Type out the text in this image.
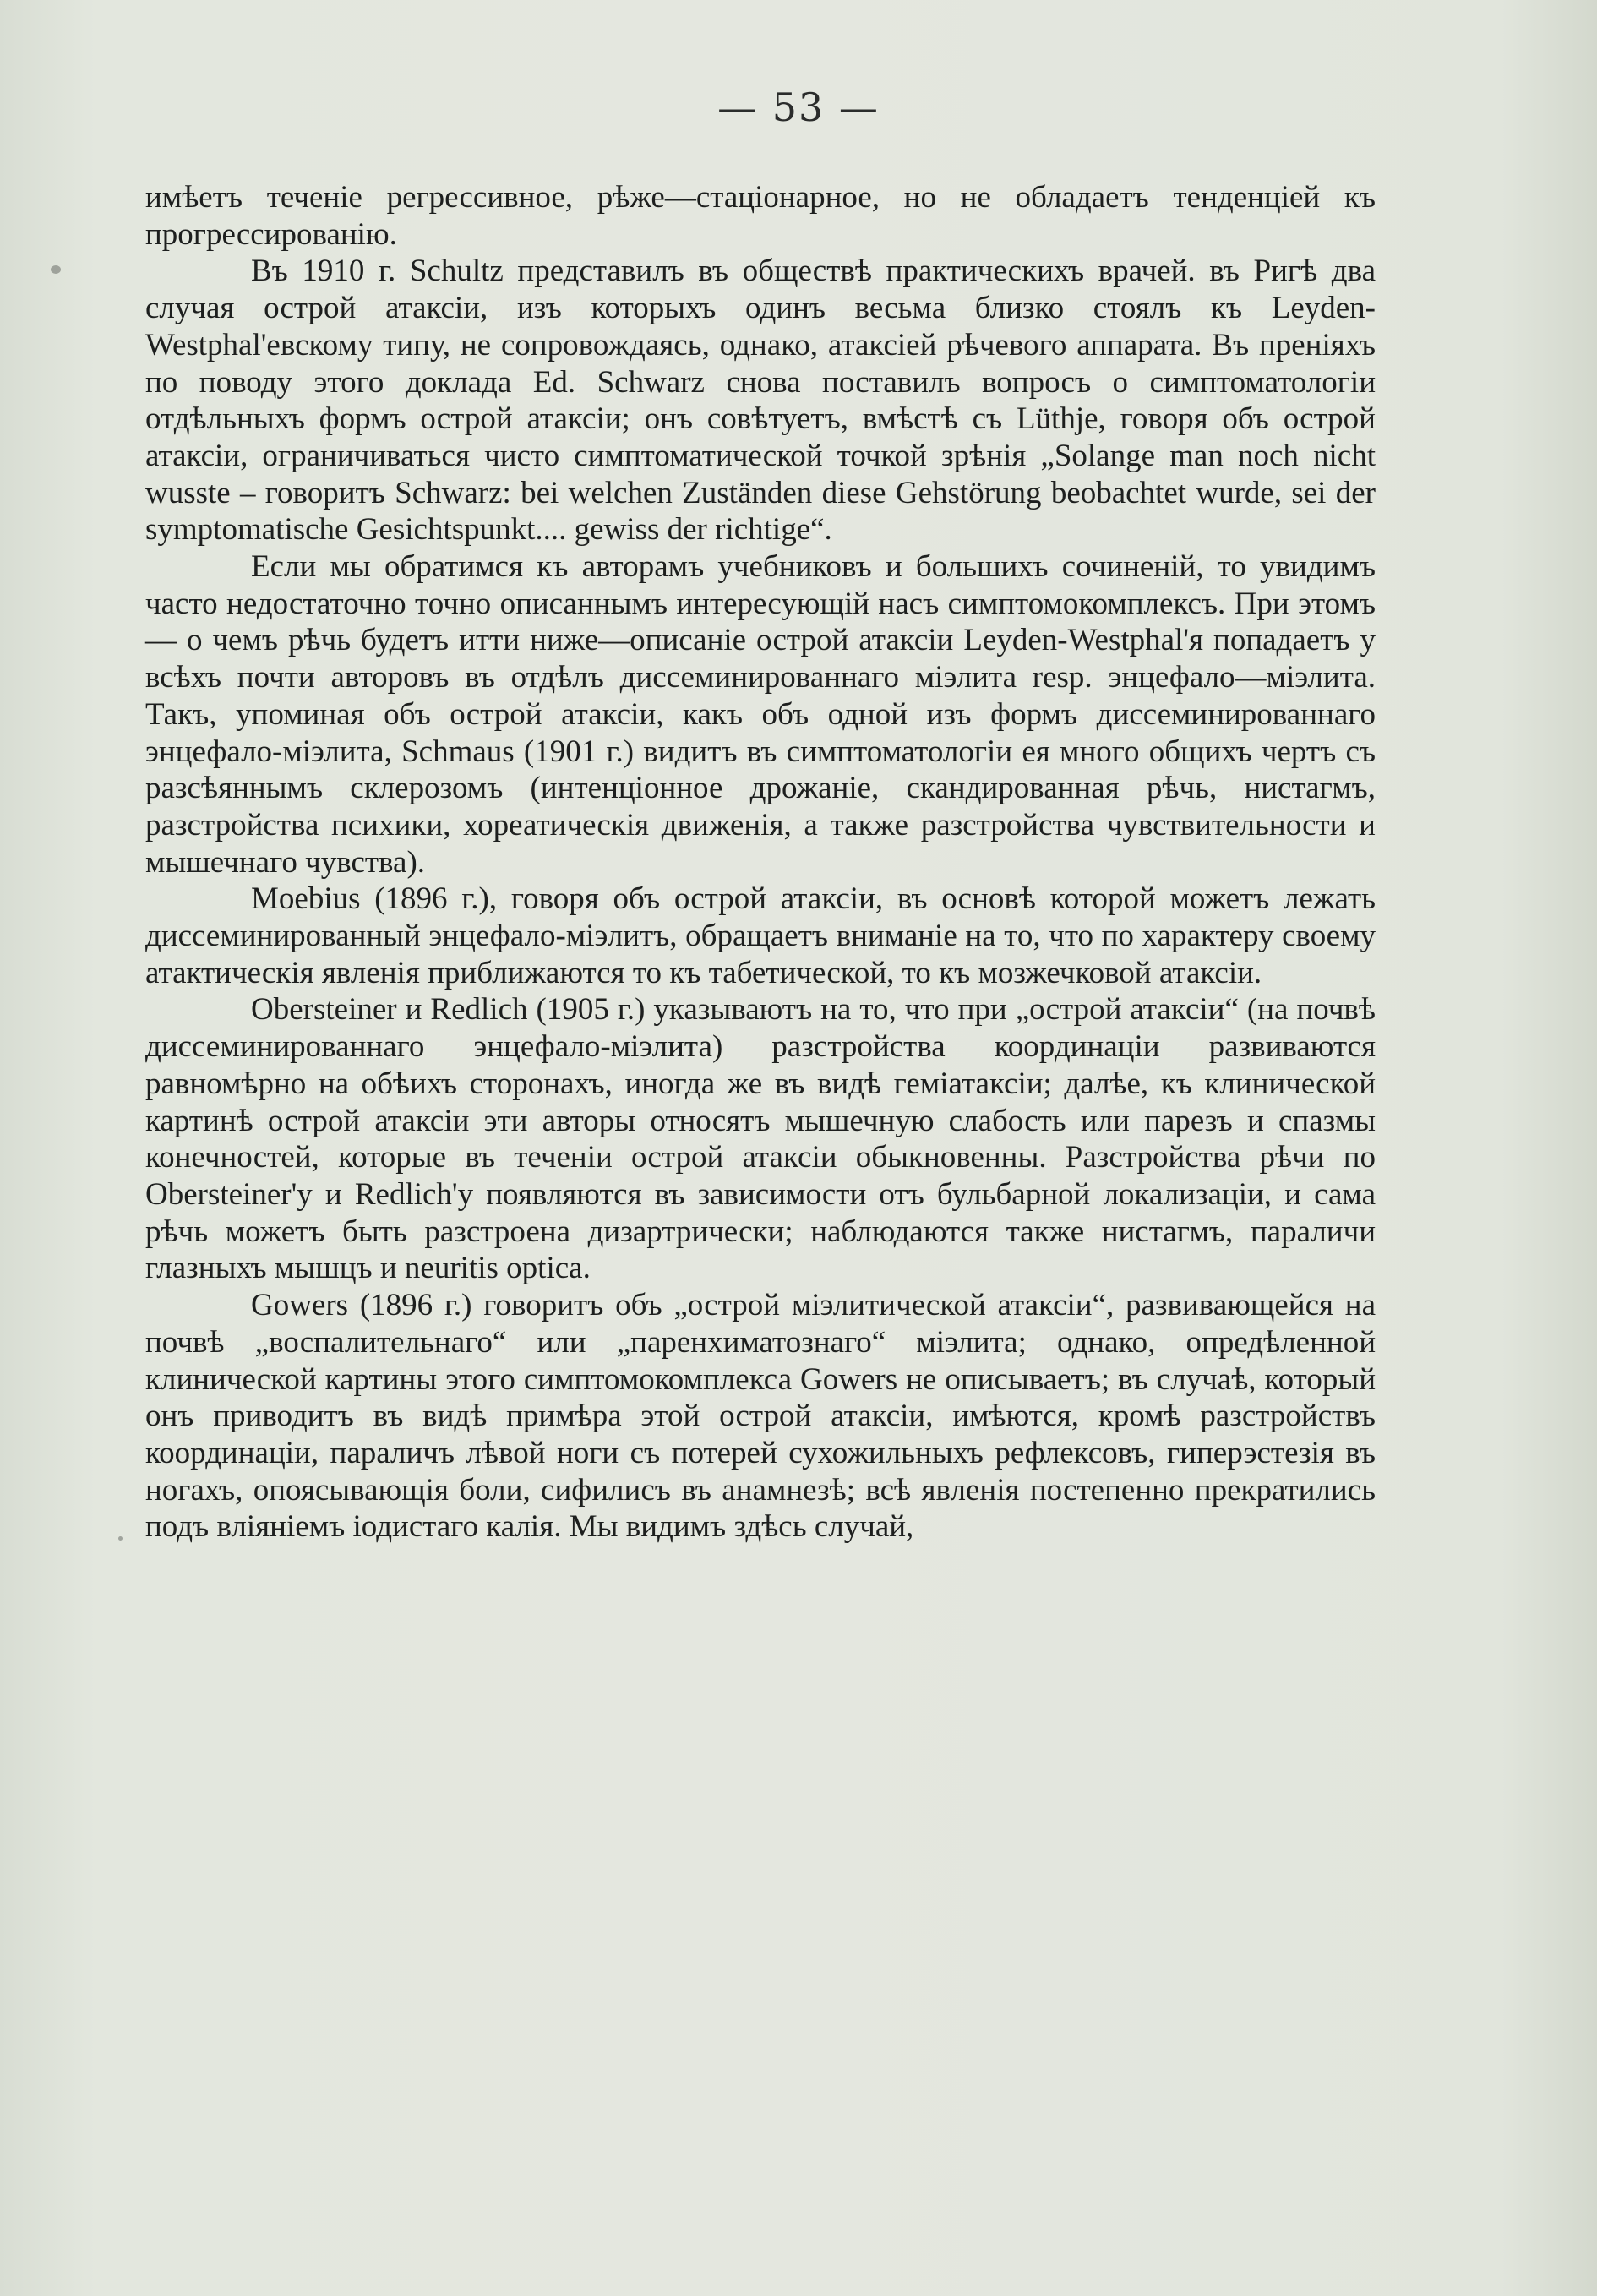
— 53 —

имѣетъ теченіе регрессивное, рѣже—стаціонарное, но не обладаетъ тенденціей къ прогрессированію.

Въ 1910 г. Schultz представилъ въ обществѣ практическихъ врачей. въ Ригѣ два случая острой атаксіи, изъ которыхъ одинъ весьма близко стоялъ къ Leyden-Westphal'евскому типу, не сопровождаясь, однако, атаксіей рѣчевого аппарата. Въ преніяхъ по поводу этого доклада Ed. Schwarz снова поставилъ вопросъ о симптоматологіи отдѣльныхъ формъ острой атаксіи; онъ совѣтуетъ, вмѣстѣ съ Lüthje, говоря объ острой атаксіи, ограничиваться чисто симптоматической точкой зрѣнія „Solange man noch nicht wusste – говоритъ Schwarz: bei welchen Zuständen diese Gehstörung beobachtet wurde, sei der symptomatische Gesichtspunkt.... gewiss der richtige“.

Если мы обратимся къ авторамъ учебниковъ и большихъ сочиненій, то увидимъ часто недостаточно точно описаннымъ интересующій насъ симптомокомплексъ. При этомъ — о чемъ рѣчь будетъ итти ниже—описаніе острой атаксіи Leyden-Westphal'я попадаетъ у всѣхъ почти авторовъ въ отдѣлъ диссеминированнаго міэлита resp. энцефало—міэлита. Такъ, упоминая объ острой атаксіи, какъ объ одной изъ формъ диссеминированнаго энцефало-міэлита, Schmaus (1901 г.) видитъ въ симптоматологіи ея много общихъ чертъ съ разсѣяннымъ склерозомъ (интенціонное дрожаніе, скандированная рѣчь, нистагмъ, разстройства психики, хореатическія движенія, а также разстройства чувствительности и мышечнаго чувства).

Moebius (1896 г.), говоря объ острой атаксіи, въ основѣ которой можетъ лежать диссеминированный энцефало-міэлитъ, обращаетъ вниманіе на то, что по характеру своему атактическія явленія приближаются то къ табетической, то къ мозжечковой атаксіи.

Obersteiner и Redlich (1905 г.) указываютъ на то, что при „острой атаксіи“ (на почвѣ диссеминированнаго энцефало-міэлита) разстройства координаціи развиваются равномѣрно на обѣихъ сторонахъ, иногда же въ видѣ геміатаксіи; далѣе, къ клинической картинѣ острой атаксіи эти авторы относятъ мышечную слабость или парезъ и спазмы конечностей, которые въ теченіи острой атаксіи обыкновенны. Разстройства рѣчи по Obersteiner'у и Redlich'у появляются въ зависимости отъ бульбарной локализаціи, и сама рѣчь можетъ быть разстроена дизартрически; наблюдаются также нистагмъ, параличи глазныхъ мышцъ и neuritis optica.

Gowers (1896 г.) говоритъ объ „острой міэлитической атаксіи“, развивающейся на почвѣ „воспалительнаго“ или „паренхиматознаго“ міэлита; однако, опредѣленной клинической картины этого симптомокомплекса Gowers не описываетъ; въ случаѣ, который онъ приводитъ въ видѣ примѣра этой острой атаксіи, имѣются, кромѣ разстройствъ координаціи, параличъ лѣвой ноги съ потерей сухожильныхъ рефлексовъ, гиперэстезія въ ногахъ, опоясывающія боли, сифилисъ въ анамнезѣ; всѣ явленія постепенно прекратились подъ вліяніемъ іодистаго калія. Мы видимъ здѣсь случай,
